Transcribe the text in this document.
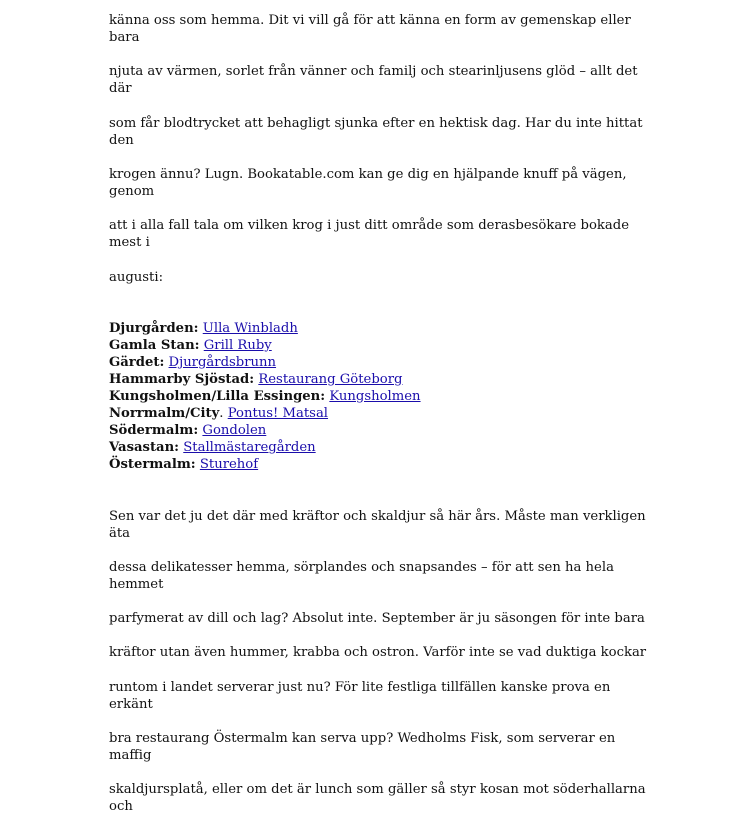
känna oss som hemma. Dit vi vill gå för att känna en form av gemenskap eller bara

njuta av värmen, sorlet från vänner och familj och stearinljusens glöd – allt det där

som får blodtrycket att behagligt sjunka efter en hektisk dag. Har du inte hittat den

krogen ännu? Lugn. Bookatable.com kan ge dig en hjälpande knuff på vägen, genom

att i alla fall tala om vilken krog i just ditt område som derasbesökare bokade mest i

augusti:

Djurgården: Ulla Winbladh
Gamla Stan: Grill Ruby
Gärdet: Djurgårdsbrunn
Hammarby Sjöstad: Restaurang Göteborg
Kungsholmen/Lilla Essingen: Kungsholmen
Norrmalm/City. Pontus! Matsal
Södermalm: Gondolen
Vasastan: Stallmästaregården
Östermalm: Sturehof

Sen var det ju det där med kräftor och skaldjur så här års. Måste man verkligen äta

dessa delikatesser hemma, sörplandes och snapsandes – för att sen ha hela hemmet

parfymerat av dill och lag? Absolut inte. September är ju säsongen för inte bara

kräftor utan även hummer, krabba och ostron. Varför inte se vad duktiga kockar

runtom i landet serverar just nu? För lite festliga tillfällen kanske prova en erkänt

bra restaurang Östermalm kan serva upp? Wedholms Fisk, som serverar en maffig

skaldjursplatå, eller om det är lunch som gäller så styr kosan mot söderhallarna och
